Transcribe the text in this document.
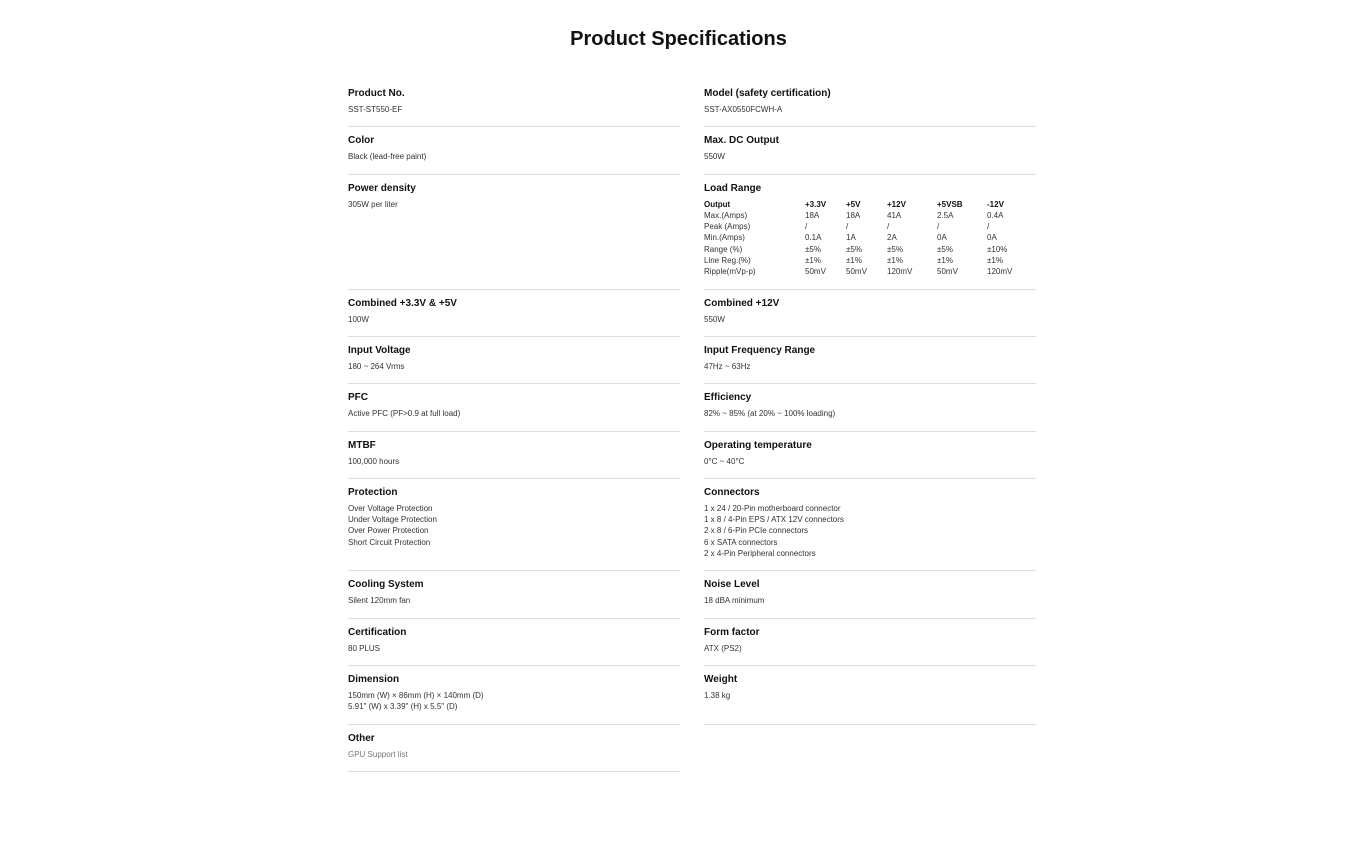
Product Specifications
Product No.
SST-ST550-EF
Model (safety certification)
SST-AX0550FCWH-A
Color
Black (lead-free paint)
Max. DC Output
550W
Power density
305W per liter
Load Range
Output	+3.3V	+5V	+12V	+5VSB	-12V
Max.(Amps)	18A	18A	41A	2.5A	0.4A
Peak (Amps)	/	/	/	/	/
Min.(Amps)	0.1A	1A	2A	0A	0A
Range (%)	±5%	±5%	±5%	±5%	±10%
Line Reg.(%)	±1%	±1%	±1%	±1%	±1%
Ripple(mVp-p)	50mV	50mV	120mV	50mV	120mV
Combined +3.3V & +5V
100W
Combined +12V
550W
Input Voltage
180 ~ 264 Vrms
Input Frequency Range
47Hz ~ 63Hz
PFC
Active PFC (PF>0.9 at full load)
Efficiency
82% ~ 85% (at 20% ~ 100% loading)
MTBF
100,000 hours
Operating temperature
0°C ~ 40°C
Protection
Over Voltage Protection
Under Voltage Protection
Over Power Protection
Short Circuit Protection
Connectors
1 x 24 / 20-Pin motherboard connector
1 x 8 / 4-Pin EPS / ATX 12V connectors
2 x 8 / 6-Pin PCIe connectors
6 x SATA connectors
2 x 4-Pin Peripheral connectors
Cooling System
Silent 120mm fan
Noise Level
18 dBA minimum
Certification
80 PLUS
Form factor
ATX (PS2)
Dimension
150mm (W) × 86mm (H) × 140mm (D)
5.91" (W) x 3.39" (H) x 5.5" (D)
Weight
1.38 kg
Other
GPU Support list
